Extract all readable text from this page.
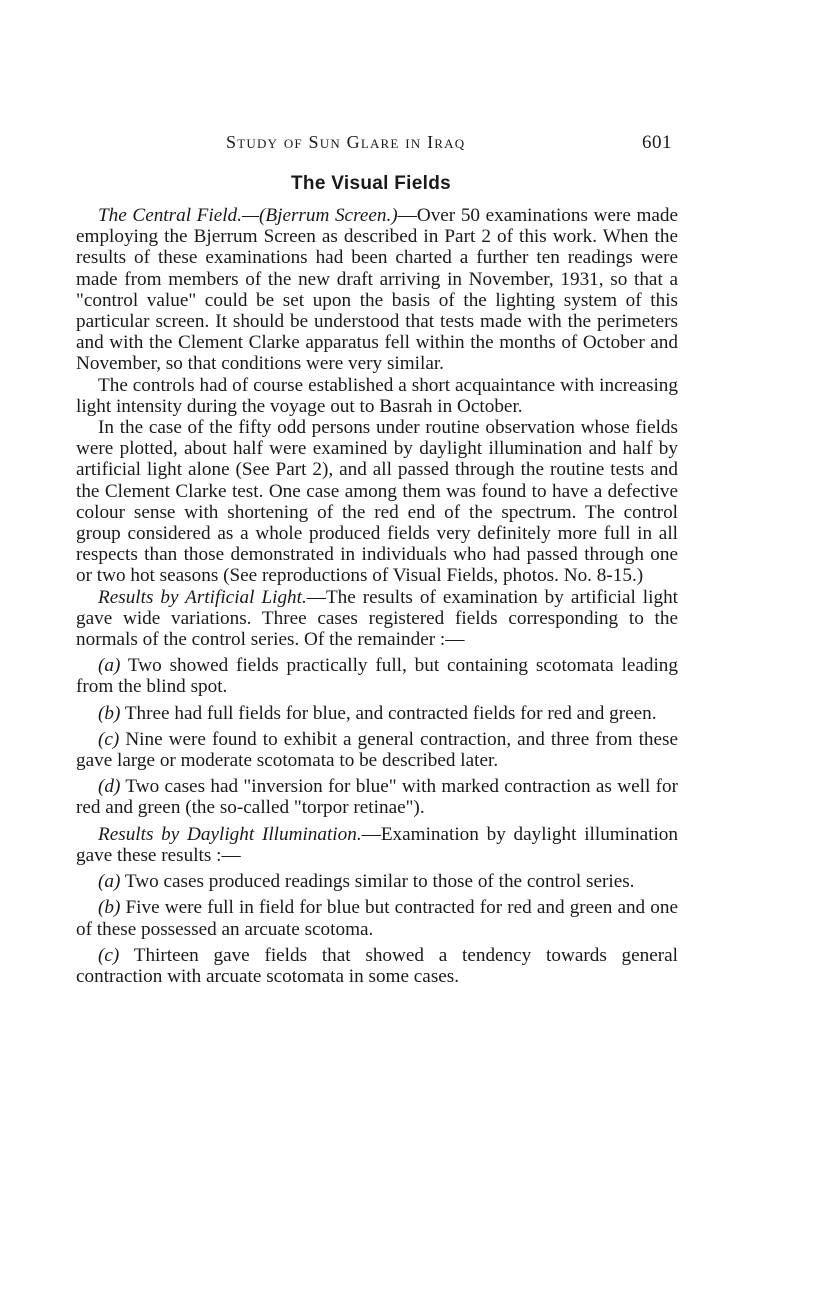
Study of Sun Glare in Iraq	601
The Visual Fields

The Central Field.—(Bjerrum Screen.)—Over 50 examinations were made employing the Bjerrum Screen as described in Part 2 of this work. When the results of these examinations had been charted a further ten readings were made from members of the new draft arriving in November, 1931, so that a "control value" could be set upon the basis of the lighting system of this particular screen. It should be understood that tests made with the perimeters and with the Clement Clarke apparatus fell within the months of October and November, so that conditions were very similar.

The controls had of course established a short acquaintance with increasing light intensity during the voyage out to Basrah in October.

In the case of the fifty odd persons under routine observation whose fields were plotted, about half were examined by daylight illumination and half by artificial light alone (See Part 2), and all passed through the routine tests and the Clement Clarke test. One case among them was found to have a defective colour sense with shortening of the red end of the spectrum. The control group considered as a whole produced fields very definitely more full in all respects than those demonstrated in individuals who had passed through one or two hot seasons (See reproductions of Visual Fields, photos. No. 8-15.)

Results by Artificial Light.—The results of examination by artificial light gave wide variations. Three cases registered fields corresponding to the normals of the control series. Of the remainder :—

(a) Two showed fields practically full, but containing scotomata leading from the blind spot.

(b) Three had full fields for blue, and contracted fields for red and green.

(c) Nine were found to exhibit a general contraction, and three from these gave large or moderate scotomata to be described later.

(d) Two cases had "inversion for blue" with marked contraction as well for red and green (the so-called "torpor retinae").

Results by Daylight Illumination.—Examination by daylight illumination gave these results :—

(a) Two cases produced readings similar to those of the control series.

(b) Five were full in field for blue but contracted for red and green and one of these possessed an arcuate scotoma.

(c) Thirteen gave fields that showed a tendency towards general contraction with arcuate scotomata in some cases.
